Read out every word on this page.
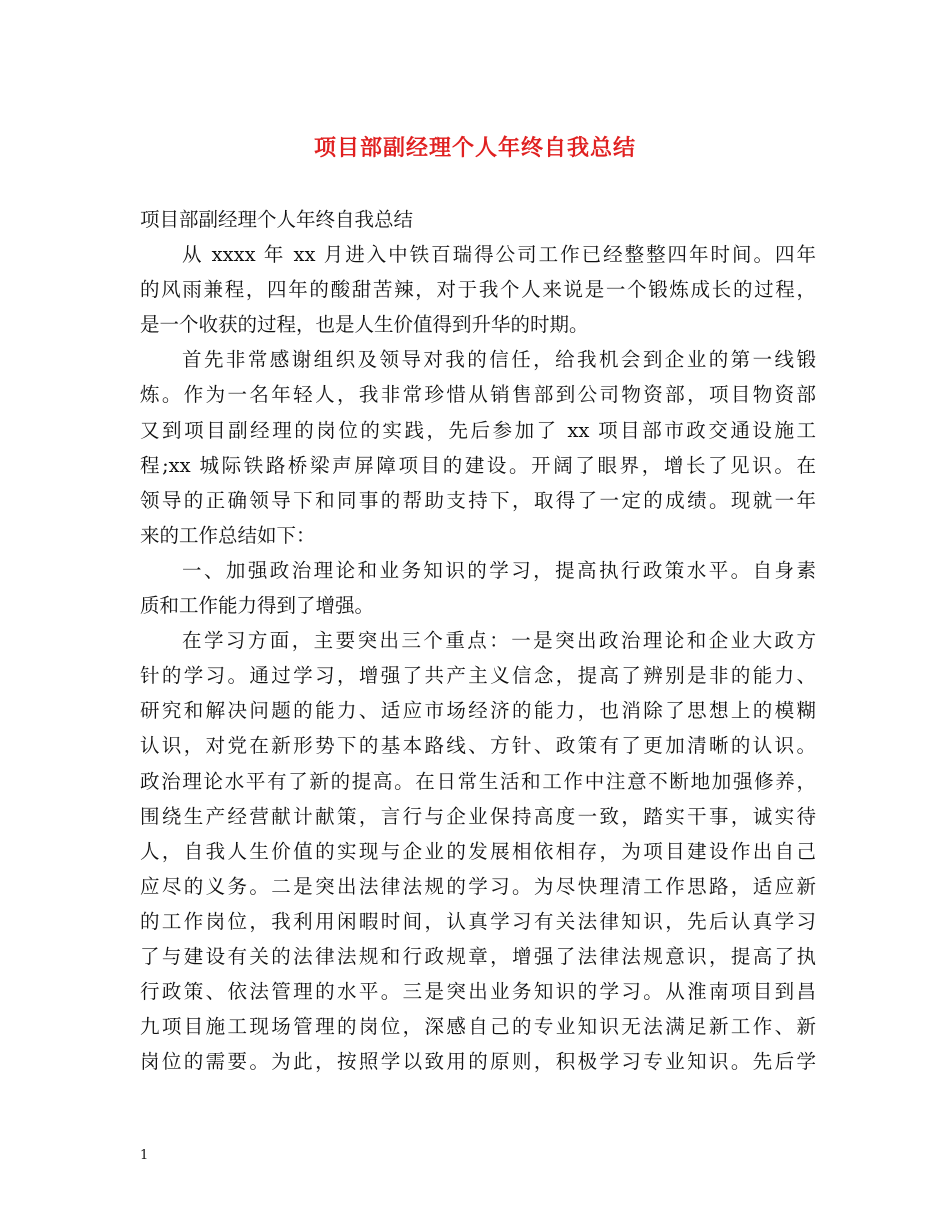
项目部副经理个人年终自我总结
项目部副经理个人年终自我总结
从 xxxx 年 xx 月进入中铁百瑞得公司工作已经整整四年时间。四年
的风雨兼程，四年的酸甜苦辣，对于我个人来说是一个锻炼成长的过程，
是一个收获的过程，也是人生价值得到升华的时期。
首先非常感谢组织及领导对我的信任，给我机会到企业的第一线锻
炼。作为一名年轻人，我非常珍惜从销售部到公司物资部，项目物资部
又到项目副经理的岗位的实践，先后参加了 xx 项目部市政交通设施工
程;xx 城际铁路桥梁声屏障项目的建设。开阔了眼界，增长了见识。在
领导的正确领导下和同事的帮助支持下，取得了一定的成绩。现就一年
来的工作总结如下：
一、加强政治理论和业务知识的学习，提高执行政策水平。自身素
质和工作能力得到了增强。
在学习方面，主要突出三个重点：一是突出政治理论和企业大政方
针的学习。通过学习，增强了共产主义信念，提高了辨别是非的能力、
研究和解决问题的能力、适应市场经济的能力，也消除了思想上的模糊
认识，对党在新形势下的基本路线、方针、政策有了更加清晰的认识。
政治理论水平有了新的提高。在日常生活和工作中注意不断地加强修养，
围绕生产经营献计献策，言行与企业保持高度一致，踏实干事，诚实待
人，自我人生价值的实现与企业的发展相依相存，为项目建设作出自己
应尽的义务。二是突出法律法规的学习。为尽快理清工作思路，适应新
的工作岗位，我利用闲暇时间，认真学习有关法律知识，先后认真学习
了与建设有关的法律法规和行政规章，增强了法律法规意识，提高了执
行政策、依法管理的水平。三是突出业务知识的学习。从淮南项目到昌
九项目施工现场管理的岗位，深感自己的专业知识无法满足新工作、新
岗位的需要。为此，按照学以致用的原则，积极学习专业知识。先后学
1
